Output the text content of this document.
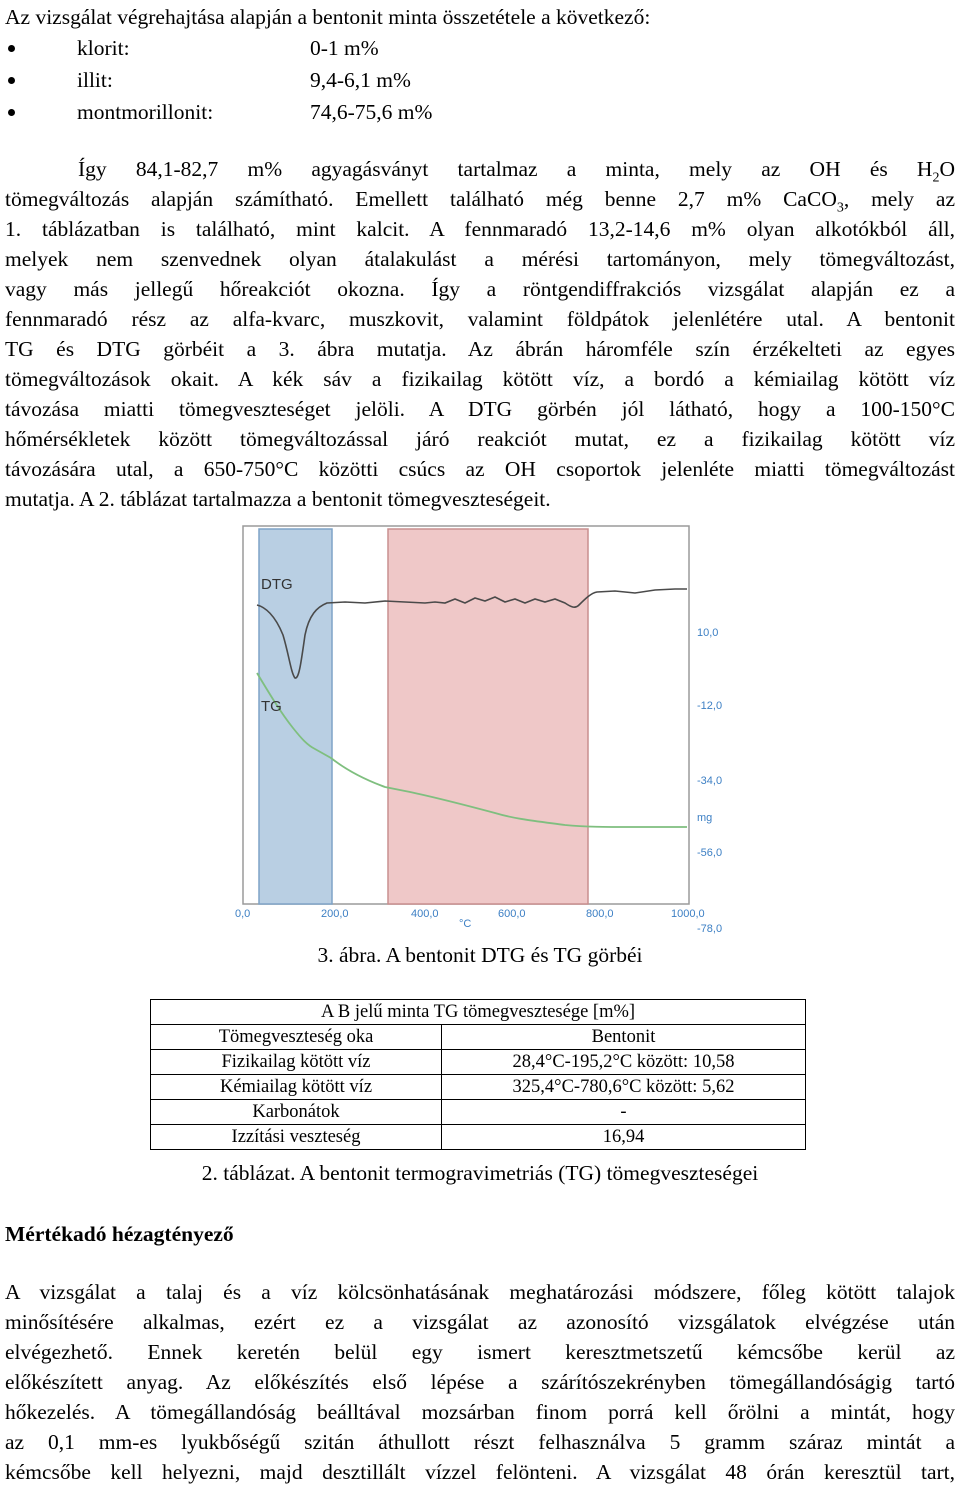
Az vizsgálat végrehajtása alapján a bentonit minta összetétele a következő:

klorit:	0-1 m%
illit:	9,4-6,1 m%
montmorillonit:	74,6-75,6 m%
Így 84,1-82,7 m% agyagásványt tartalmaz a minta, mely az OH és $H_2O$
tömegváltozás alapján számítható. Emellett található még benne 2,7 m% CaCO$_3$, mely az
1. táblázatban is található, mint kalcit. A fennmaradó 13,2-14,6 m% olyan alkotókból áll,
melyek nem szenvednek olyan átalakulást a mérési tartományon, mely tömegváltozást,
vagy más jellegű hőreakciót okozna. Így a röntgendiffrakciós vizsgálat alapján ez a
fennmaradó rész az alfa-kvarc, muszkovit, valamint földpátok jelenlétére utal. A bentonit
TG és DTG görbéit a 3. ábra mutatja. Az ábrán háromféle szín érzékelteti az egyes
tömegváltozások okait. A kék sáv a fizikailag kötött víz, a bordó a kémiailag kötött víz
távozása miatti tömegveszteséget jelöli. A DTG görbén jól látható, hogy a 100-150°C
hőmérsékletek között tömegváltozással járó reakciót mutat, ez a fizikailag kötött víz
távozására utal, a 650-750°C közötti csúcs az OH csoportok jelenléte miatti tömegváltozást
mutatja. A 2. táblázat tartalmazza a bentonit tömegveszteségeit.
DTG
TG
10,0
-12,0
-34,0
mg
-56,0
-78,0
0,0	200,0	400,0	600,0	800,0	1000,0
°C
3. ábra. A bentonit DTG és TG görbéi
A B jelű minta TG tömegvesztesége [m%]	
Tömegveszteség oka	Bentonit
Fizikailag kötött víz	28,4°C-195,2°C között: 10,58
Kémiailag kötött víz	325,4°C-780,6°C között: 5,62
Karbonátok	-
Izzítási veszteség	16,94
2. táblázat. A bentonit termogravimetriás (TG) tömegveszteségei
Mértékadó hézagtényező
A vizsgálat a talaj és a víz kölcsönhatásának meghatározási módszere, főleg kötött talajok
minősítésére alkalmas, ezért ez a vizsgálat az azonosító vizsgálatok elvégzése után
elvégezhető. Ennek keretén belül egy ismert keresztmetszetű kémcsőbe kerül az
előkészített anyag. Az előkészítés első lépése a szárítószekrényben tömegállandóságig tartó
hőkezelés. A tömegállandóság beálltával mozsárban finom porrá kell őrölni a mintát, hogy
az 0,1 mm-es lyukbőségű szitán áthullott részt felhasználva 5 gramm száraz mintát a
kémcsőbe kell helyezni, majd desztillált vízzel felönteni. A vizsgálat 48 órán keresztül tart,
